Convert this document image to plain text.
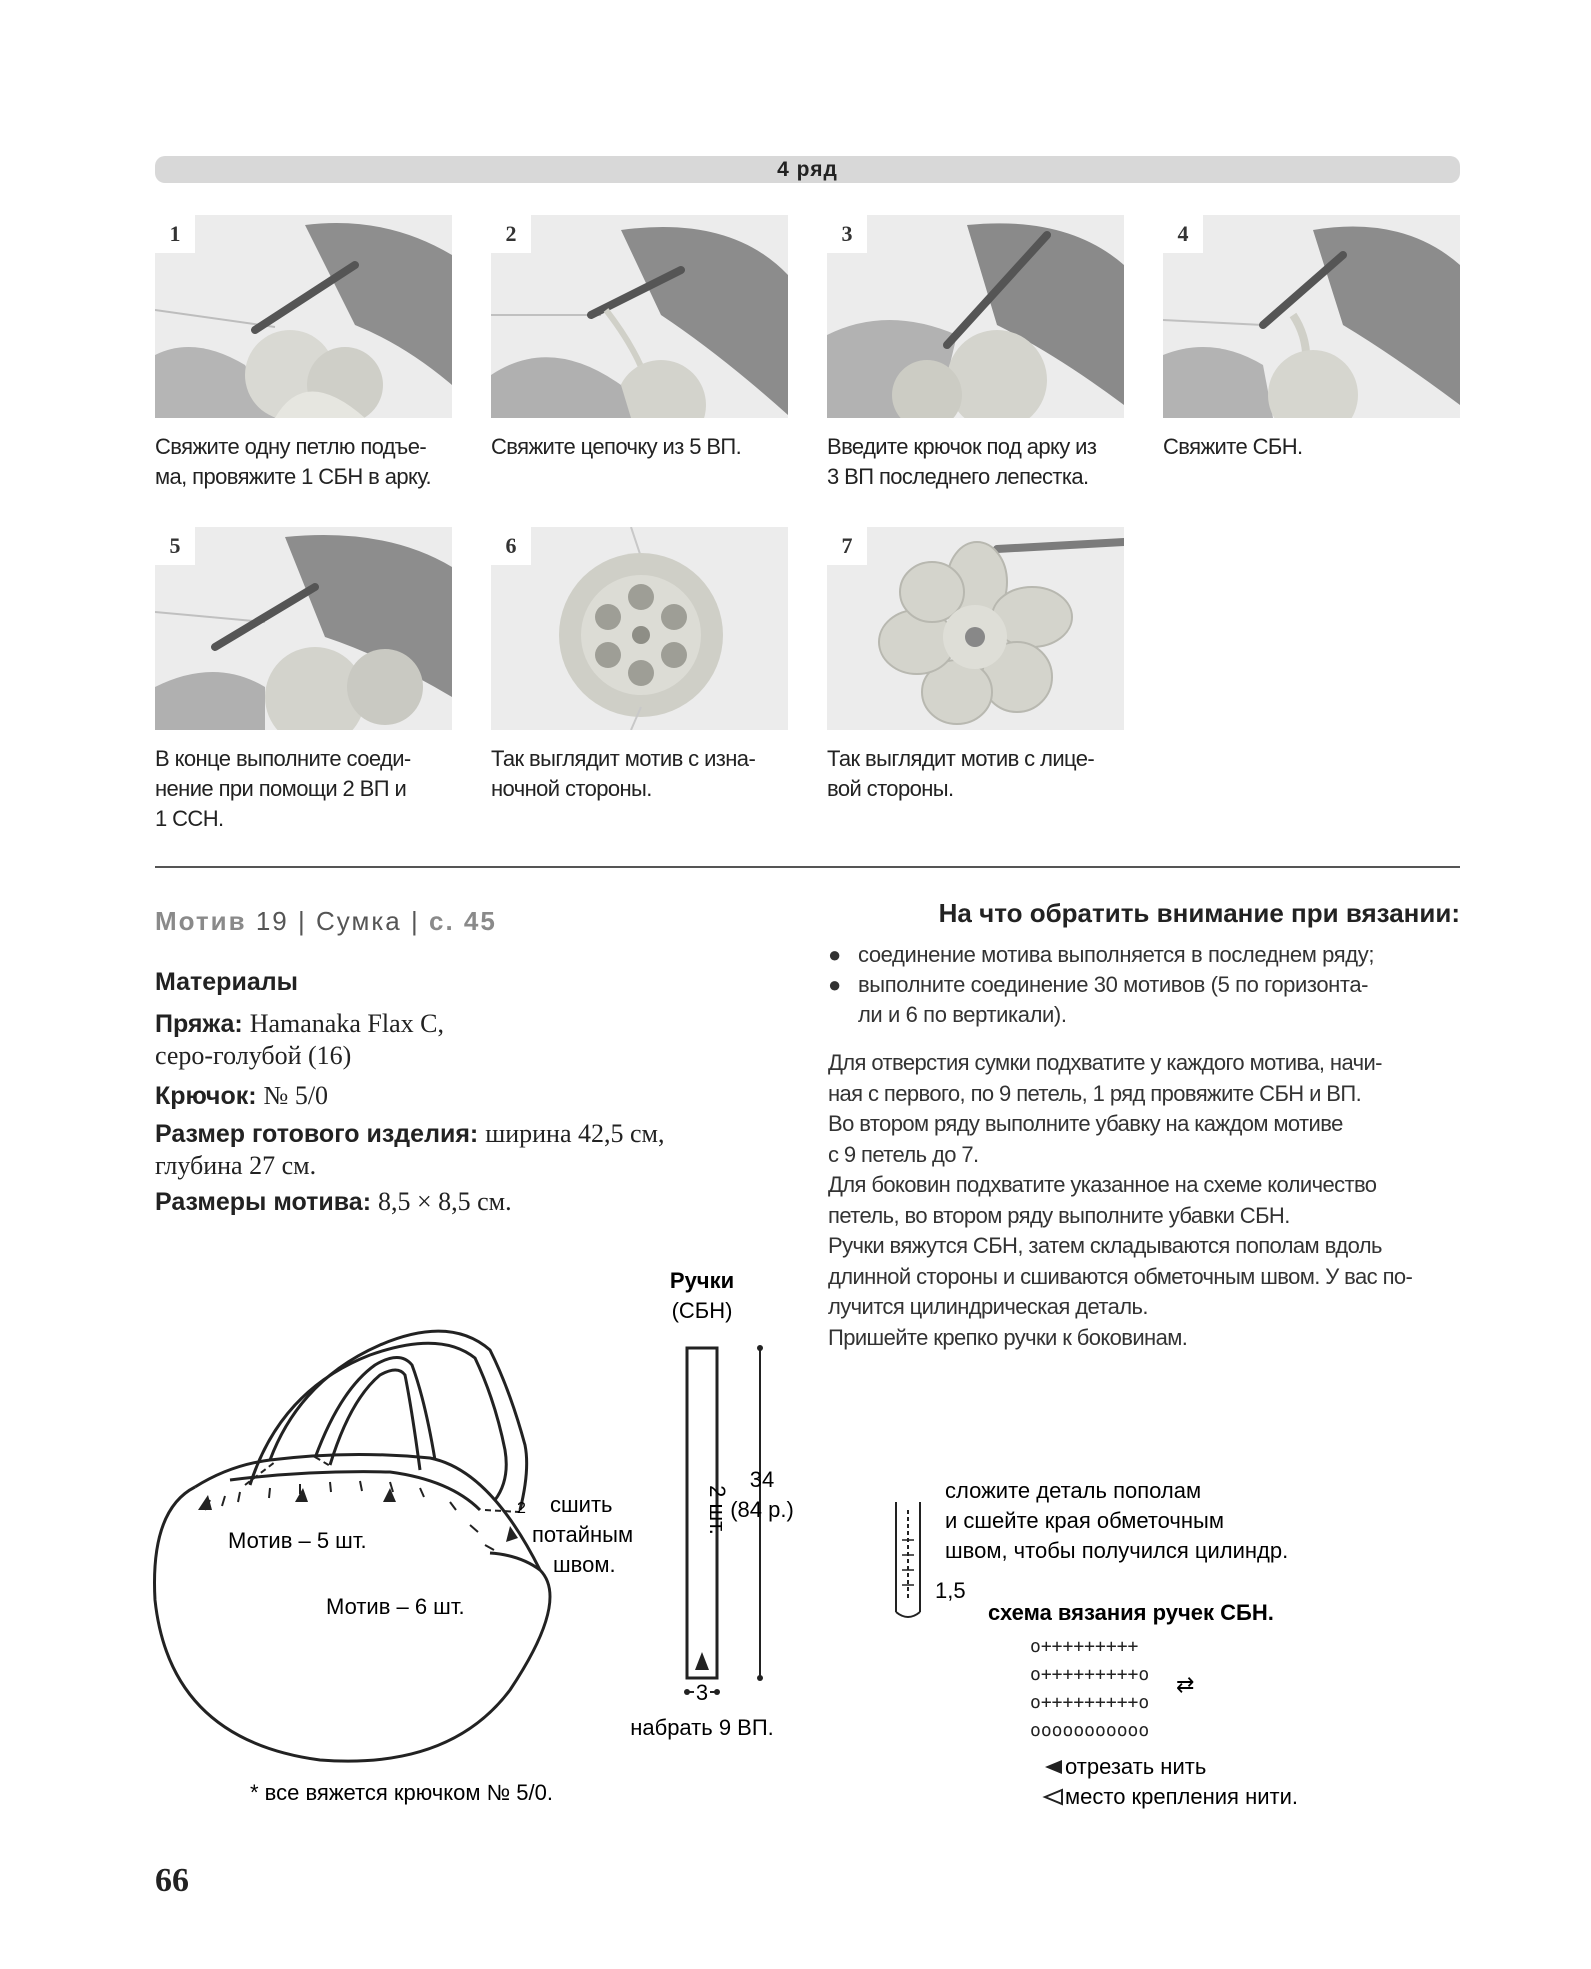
4 ряд
1	2	3	4
Свяжите одну петлю подъе-
ма, провяжите 1 СБН в арку.
Свяжите цепочку из 5 ВП.	Введите крючок под арку из
3 ВП последнего лепестка.
Свяжите СБН.
5	6	7
В конце выполните соеди-
нение при помощи 2 ВП и
1 ССН.
Так выглядит мотив с изна-
ночной стороны.
Так выглядит мотив с лице-
вой стороны.
Мотив 19 | Сумка | с. 45
Материалы
Пряжа: Hamanaka Flax C,
серо-голубой (16)
Крючок: № 5/0
Размер готового изделия: ширина 42,5 см,
глубина 27 см.
Размеры мотива: 8,5 × 8,5 см.
На что обратить внимание при вязании:
● соединение мотива выполняется в последнем ряду;
● выполните соединение 30 мотивов (5 по горизонта-
ли и 6 по вертикали).
Для отверстия сумки подхватите у каждого мотива, начи-
ная с первого, по 9 петель, 1 ряд провяжите СБН и ВП.
Во втором ряду выполните убавку на каждом мотиве
с 9 петель до 7.
Для боковин подхватите указанное на схеме количество
петель, во втором ряду выполните убавки СБН.
Ручки вяжутся СБН, затем складываются пополам вдоль
длинной стороны и сшиваются обметочным швом. У вас по-
лучится цилиндрическая деталь.
Пришейте крепко ручки к боковинам.
Мотив – 5 шт.
Мотив – 6 шт.
2 сшить
потайным
швом.
* все вяжется крючком № 5/0.
Ручки
(СБН)
2 шт.
34
(84 р.)
3
набрать 9 ВП.
сложите деталь пополам
и сшейте края обметочным
швом, чтобы получился цилиндр.
1,5
схема вязания ручек СБН.
o+++++++++
o+++++++++o
o+++++++++o
ooooooooooo
⇄
отрезать нить
место крепления нити.
66
